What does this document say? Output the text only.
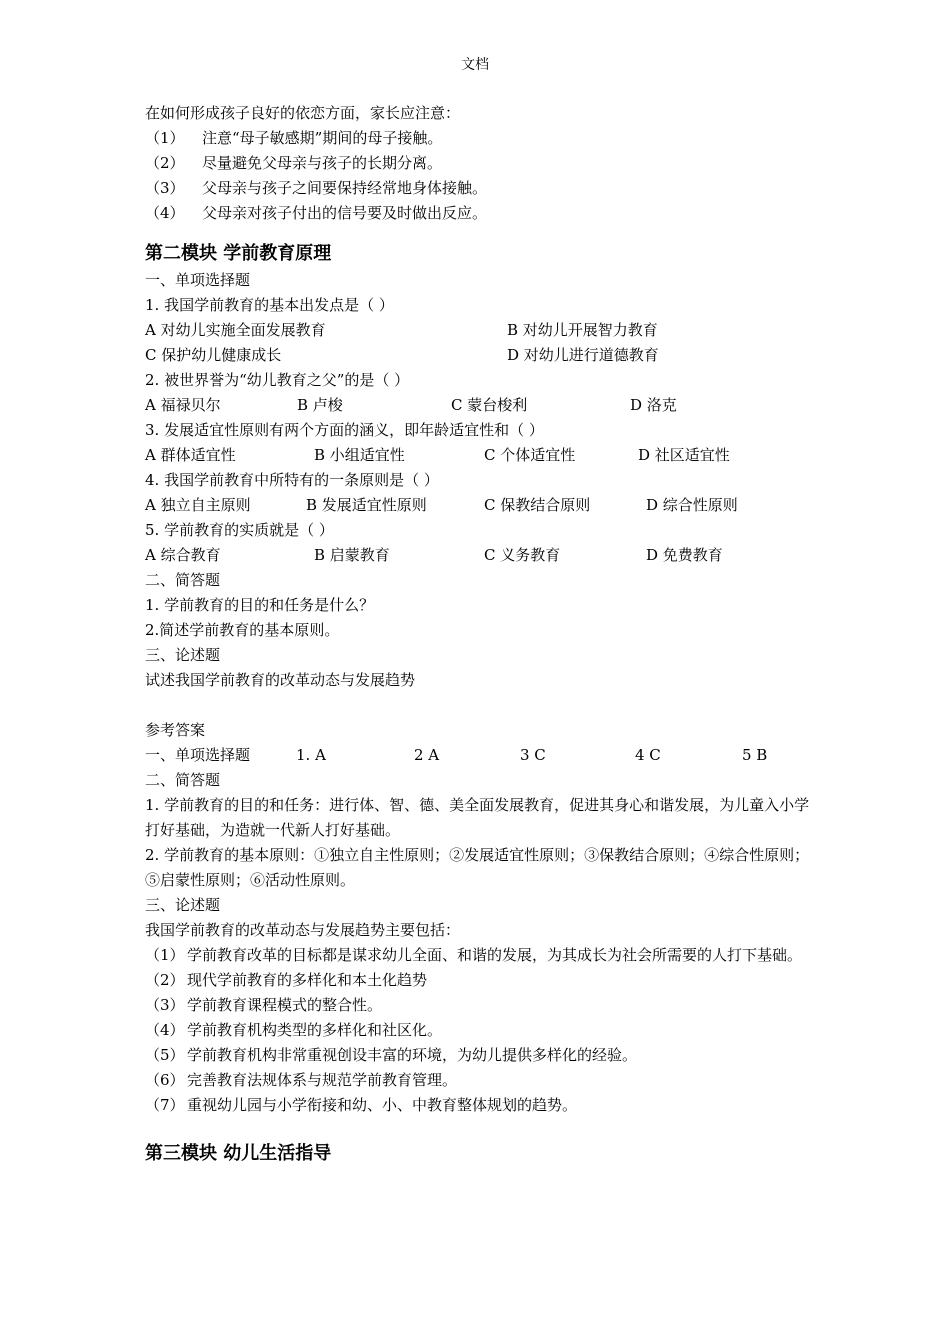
文档
在如何形成孩子良好的依恋方面，家长应注意：
（1）	注意“母子敏感期”期间的母子接触。
（2）	尽量避免父母亲与孩子的长期分离。
（3）	父母亲与孩子之间要保持经常地身体接触。
（4）	父母亲对孩子付出的信号要及时做出反应。
第二模块 学前教育原理
一、单项选择题
1. 我国学前教育的基本出发点是（ ）
A 对幼儿实施全面发展教育	B 对幼儿开展智力教育
C 保护幼儿健康成长	D 对幼儿进行道德教育
2. 被世界誉为“幼儿教育之父”的是（ ）
A 福禄贝尔	B 卢梭	C 蒙台梭利	D 洛克
3. 发展适宜性原则有两个方面的涵义，即年龄适宜性和（ ）
A 群体适宜性	B 小组适宜性	C 个体适宜性	D 社区适宜性
4. 我国学前教育中所特有的一条原则是（ ）
A 独立自主原则	B 发展适宜性原则	C 保教结合原则	D 综合性原则
5. 学前教育的实质就是（ ）
A 综合教育	B 启蒙教育	C 义务教育	D 免费教育
二、简答题
1. 学前教育的目的和任务是什么？
2.简述学前教育的基本原则。
三、论述题
试述我国学前教育的改革动态与发展趋势
参考答案
一、单项选择题	1. A	2 A	3 C	4 C	5 B
二、简答题
1. 学前教育的目的和任务：进行体、智、德、美全面发展教育，促进其身心和谐发展，为儿童入小学打好基础，为造就一代新人打好基础。
2. 学前教育的基本原则：①独立自主性原则；②发展适宜性原则；③保教结合原则；④综合性原则；⑤启蒙性原则；⑥活动性原则。
三、论述题
我国学前教育的改革动态与发展趋势主要包括：
（1） 学前教育改革的目标都是谋求幼儿全面、和谐的发展，为其成长为社会所需要的人打下基础。
（2） 现代学前教育的多样化和本土化趋势
（3） 学前教育课程模式的整合性。
（4） 学前教育机构类型的多样化和社区化。
（5） 学前教育机构非常重视创设丰富的环境，为幼儿提供多样化的经验。
（6） 完善教育法规体系与规范学前教育管理。
（7） 重视幼儿园与小学衔接和幼、小、中教育整体规划的趋势。
第三模块 幼儿生活指导
